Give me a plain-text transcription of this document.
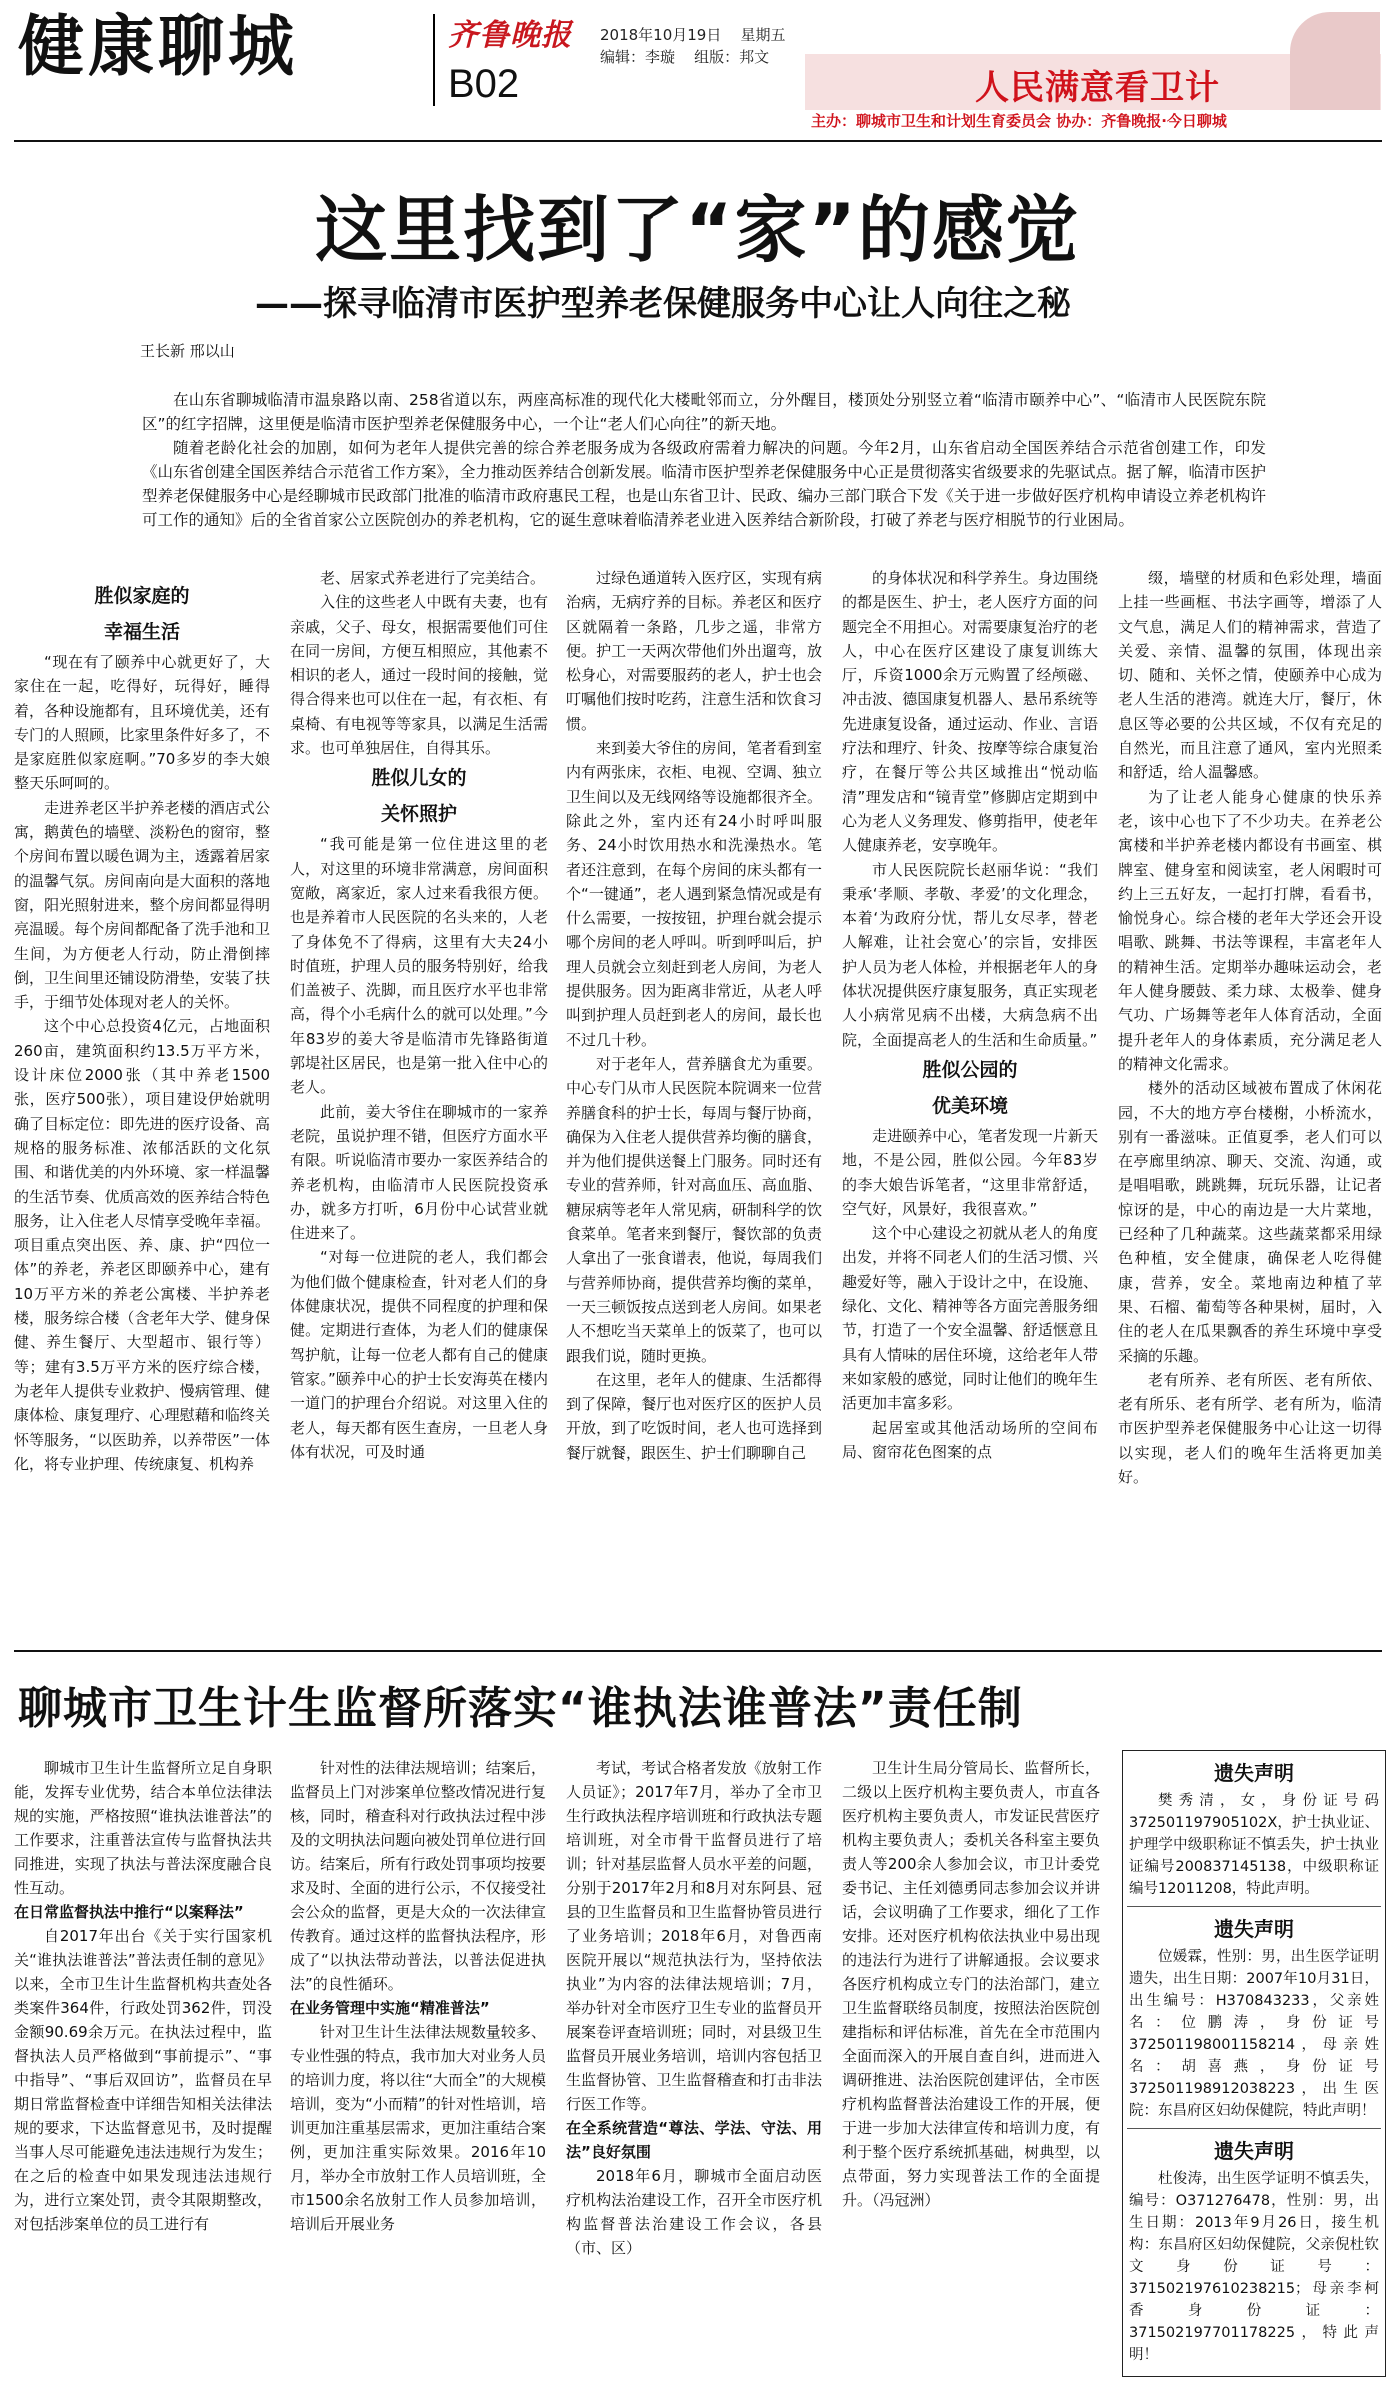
健康聊城	齐鲁晚报
B02
2018年10月19日 星期五
编辑：李璇 组版：邦文
人民满意看卫计
主办：聊城市卫生和计划生育委员会 协办：齐鲁晚报·今日聊城
这里找到了“家”的感觉
——探寻临清市医护型养老保健服务中心让人向往之秘
王长新 邢以山

在山东省聊城临清市温泉路以南、258省道以东，两座高标准的现代化大楼毗邻而立，分外醒目，楼顶处分别竖立着“临清市颐养中心”、“临清市人民医院东院区”的红字招牌，这里便是临清市医护型养老保健服务中心，一个让“老人们心向往”的新天地。

随着老龄化社会的加剧，如何为老年人提供完善的综合养老服务成为各级政府需着力解决的问题。今年2月，山东省启动全国医养结合示范省创建工作，印发《山东省创建全国医养结合示范省工作方案》，全力推动医养结合创新发展。临清市医护型养老保健服务中心正是贯彻落实省级要求的先驱试点。据了解，临清市医护型养老保健服务中心是经聊城市民政部门批准的临清市政府惠民工程，也是山东省卫计、民政、编办三部门联合下发《关于进一步做好医疗机构申请设立养老机构许可工作的通知》后的全省首家公立医院创办的养老机构，它的诞生意味着临清养老业进入医养结合新阶段，打破了养老与医疗相脱节的行业困局。

胜似家庭的
幸福生活

“现在有了颐养中心就更好了，大家住在一起，吃得好，玩得好，睡得着，各种设施都有，且环境优美，还有专门的人照顾，比家里条件好多了，不是家庭胜似家庭啊。”70多岁的李大娘整天乐呵呵的。

走进养老区半护养老楼的酒店式公寓，鹅黄色的墙壁、淡粉色的窗帘，整个房间布置以暖色调为主，透露着居家的温馨气氛。房间南向是大面积的落地窗，阳光照射进来，整个房间都显得明亮温暖。每个房间都配备了洗手池和卫生间，为方便老人行动，防止滑倒摔倒，卫生间里还铺设防滑垫，安装了扶手，于细节处体现对老人的关怀。

这个中心总投资4亿元，占地面积260亩，建筑面积约13.5万平方米，设计床位2000张（其中养老1500张，医疗500张），项目建设伊始就明确了目标定位：即先进的医疗设备、高规格的服务标准、浓郁活跃的文化氛围、和谐优美的内外环境、家一样温馨的生活节奏、优质高效的医养结合特色服务，让入住老人尽情享受晚年幸福。项目重点突出医、养、康、护“四位一体”的养老，养老区即颐养中心，建有10万平方米的养老公寓楼、半护养老楼，服务综合楼（含老年大学、健身保健、养生餐厅、大型超市、银行等）等；建有3.5万平方米的医疗综合楼，为老年人提供专业救护、慢病管理、健康体检、康复理疗、心理慰藉和临终关怀等服务，“以医助养，以养带医”一体化，将专业护理、传统康复、机构养

老、居家式养老进行了完美结合。

入住的这些老人中既有夫妻，也有亲戚，父子、母女，根据需要他们可住在同一房间，方便互相照应，其他素不相识的老人，通过一段时间的接触，觉得合得来也可以住在一起，有衣柜、有桌椅、有电视等等家具，以满足生活需求。也可单独居住，自得其乐。

胜似儿女的
关怀照护

“我可能是第一位住进这里的老人，对这里的环境非常满意，房间面积宽敞，离家近，家人过来看我很方便。也是养着市人民医院的名头来的，人老了身体免不了得病，这里有大夫24小时值班，护理人员的服务特别好，给我们盖被子、洗脚，而且医疗水平也非常高，得个小毛病什么的就可以处理。”今年83岁的姜大爷是临清市先锋路街道郭堤社区居民，也是第一批入住中心的老人。

此前，姜大爷住在聊城市的一家养老院，虽说护理不错，但医疗方面水平有限。听说临清市要办一家医养结合的养老机构，由临清市人民医院投资承办，就多方打听，6月份中心试营业就住进来了。

“对每一位进院的老人，我们都会为他们做个健康检查，针对老人们的身体健康状况，提供不同程度的护理和保健。定期进行查体，为老人们的健康保驾护航，让每一位老人都有自己的健康管家。”颐养中心的护士长安海英在楼内一道门的护理台介绍说。对这里入住的老人，每天都有医生查房，一旦老人身体有状况，可及时通

过绿色通道转入医疗区，实现有病治病，无病疗养的目标。养老区和医疗区就隔着一条路，几步之遥，非常方便。护工一天两次带他们外出遛弯，放松身心，对需要服药的老人，护士也会叮嘱他们按时吃药，注意生活和饮食习惯。

来到姜大爷住的房间，笔者看到室内有两张床，衣柜、电视、空调、独立卫生间以及无线网络等设施都很齐全。除此之外，室内还有24小时呼叫服务、24小时饮用热水和洗澡热水。笔者还注意到，在每个房间的床头都有一个“一键通”，老人遇到紧急情况或是有什么需要，一按按钮，护理台就会提示哪个房间的老人呼叫。听到呼叫后，护理人员就会立刻赶到老人房间，为老人提供服务。因为距离非常近，从老人呼叫到护理人员赶到老人的房间，最长也不过几十秒。

对于老年人，营养膳食尤为重要。中心专门从市人民医院本院调来一位营养膳食科的护士长，每周与餐厅协商，确保为入住老人提供营养均衡的膳食，并为他们提供送餐上门服务。同时还有专业的营养师，针对高血压、高血脂、糖尿病等老年人常见病，研制科学的饮食菜单。笔者来到餐厅，餐饮部的负责人拿出了一张食谱表，他说，每周我们与营养师协商，提供营养均衡的菜单，一天三顿饭按点送到老人房间。如果老人不想吃当天菜单上的饭菜了，也可以跟我们说，随时更换。

在这里，老年人的健康、生活都得到了保障，餐厅也对医疗区的医护人员开放，到了吃饭时间，老人也可选择到餐厅就餐，跟医生、护士们聊聊自己

的身体状况和科学养生。身边围绕的都是医生、护士，老人医疗方面的问题完全不用担心。对需要康复治疗的老人，中心在医疗区建设了康复训练大厅，斥资1000余万元购置了经颅磁、冲击波、德国康复机器人、悬吊系统等先进康复设备，通过运动、作业、言语疗法和理疗、针灸、按摩等综合康复治疗，在餐厅等公共区域推出“悦动临清”理发店和“镜青堂”修脚店定期到中心为老人义务理发、修剪指甲，使老年人健康养老，安享晚年。

市人民医院院长赵丽华说：“我们秉承‘孝顺、孝敬、孝爱’的文化理念，本着‘为政府分忧，帮儿女尽孝，替老人解难，让社会宽心’的宗旨，安排医护人员为老人体检，并根据老年人的身体状况提供医疗康复服务，真正实现老人小病常见病不出楼，大病急病不出院，全面提高老人的生活和生命质量。”

胜似公园的
优美环境

走进颐养中心，笔者发现一片新天地，不是公园，胜似公园。今年83岁的李大娘告诉笔者，“这里非常舒适，空气好，风景好，我很喜欢。”

这个中心建设之初就从老人的角度出发，并将不同老人们的生活习惯、兴趣爱好等，融入于设计之中，在设施、绿化、文化、精神等各方面完善服务细节，打造了一个安全温馨、舒适惬意且具有人情味的居住环境，这给老年人带来如家般的感觉，同时让他们的晚年生活更加丰富多彩。

起居室或其他活动场所的空间布局、窗帘花色图案的点

缀，墙壁的材质和色彩处理，墙面上挂一些画框、书法字画等，增添了人文气息，满足人们的精神需求，营造了关爱、亲情、温馨的氛围，体现出亲切、随和、关怀之情，使颐养中心成为老人生活的港湾。就连大厅，餐厅，休息区等必要的公共区域，不仅有充足的自然光，而且注意了通风，室内光照柔和舒适，给人温馨感。

为了让老人能身心健康的快乐养老，该中心也下了不少功夫。在养老公寓楼和半护养老楼内都设有书画室、棋牌室、健身室和阅读室，老人闲暇时可约上三五好友，一起打打牌，看看书，愉悦身心。综合楼的老年大学还会开设唱歌、跳舞、书法等课程，丰富老年人的精神生活。定期举办趣味运动会，老年人健身腰鼓、柔力球、太极拳、健身气功、广场舞等老年人体育活动，全面提升老年人的身体素质，充分满足老人的精神文化需求。

楼外的活动区域被布置成了休闲花园，不大的地方亭台楼榭，小桥流水，别有一番滋味。正值夏季，老人们可以在亭廊里纳凉、聊天、交流、沟通，或是唱唱歌，跳跳舞，玩玩乐器，让记者惊讶的是，中心的南边是一大片菜地，已经种了几种蔬菜。这些蔬菜都采用绿色种植，安全健康，确保老人吃得健康，营养，安全。菜地南边种植了苹果、石榴、葡萄等各种果树，届时，入住的老人在瓜果飘香的养生环境中享受采摘的乐趣。

老有所养、老有所医、老有所依、老有所乐、老有所学、老有所为，临清市医护型养老保健服务中心让这一切得以实现，老人们的晚年生活将更加美好。

聊城市卫生计生监督所落实“谁执法谁普法”责任制

聊城市卫生计生监督所立足自身职能，发挥专业优势，结合本单位法律法规的实施，严格按照“谁执法谁普法”的工作要求，注重普法宣传与监督执法共同推进，实现了执法与普法深度融合良性互动。

在日常监督执法中推行“以案释法”

自2017年出台《关于实行国家机关“谁执法谁普法”普法责任制的意见》以来，全市卫生计生监督机构共查处各类案件364件，行政处罚362件，罚没金额90.69余万元。在执法过程中，监督执法人员严格做到“事前提示”、“事中指导”、“事后双回访”，监督员在早期日常监督检查中详细告知相关法律法规的要求，下达监督意见书，及时提醒当事人尽可能避免违法违规行为发生；在之后的检查中如果发现违法违规行为，进行立案处罚，责令其限期整改，对包括涉案单位的员工进行有

针对性的法律法规培训；结案后，监督员上门对涉案单位整改情况进行复核，同时，稽查科对行政执法过程中涉及的文明执法问题向被处罚单位进行回访。结案后，所有行政处罚事项均按要求及时、全面的进行公示，不仅接受社会公众的监督，更是大众的一次法律宣传教育。通过这样的监督执法程序，形成了“以执法带动普法，以普法促进执法”的良性循环。

在业务管理中实施“精准普法”

针对卫生计生法律法规数量较多、专业性强的特点，我市加大对业务人员的培训力度，将以往“大而全”的大规模培训，变为“小而精”的针对性培训，培训更加注重基层需求，更加注重结合案例，更加注重实际效果。2016年10月，举办全市放射工作人员培训班，全市1500余名放射工作人员参加培训，培训后开展业务

考试，考试合格者发放《放射工作人员证》；2017年7月，举办了全市卫生行政执法程序培训班和行政执法专题培训班，对全市骨干监督员进行了培训；针对基层监督人员水平差的问题，分别于2017年2月和8月对东阿县、冠县的卫生监督员和卫生监督协管员进行了业务培训；2018年6月，对鲁西南医院开展以“规范执法行为，坚持依法执业”为内容的法律法规培训；7月，举办针对全市医疗卫生专业的监督员开展案卷评查培训班；同时，对县级卫生监督员开展业务培训，培训内容包括卫生监督协管、卫生监督稽查和打击非法行医工作等。

在全系统营造“尊法、学法、守法、用法”良好氛围

2018年6月，聊城市全面启动医疗机构法治建设工作，召开全市医疗机构监督普法治建设工作会议，各县（市、区）

卫生计生局分管局长、监督所长，二级以上医疗机构主要负责人，市直各医疗机构主要负责人，市发证民营医疗机构主要负责人；委机关各科室主要负责人等200余人参加会议，市卫计委党委书记、主任刘德勇同志参加会议并讲话，会议明确了工作要求，细化了工作安排。还对医疗机构依法执业中易出现的违法行为进行了讲解通报。会议要求各医疗机构成立专门的法治部门，建立卫生监督联络员制度，按照法治医院创建指标和评估标准，首先在全市范围内全面而深入的开展自查自纠，进而进入调研推进、法治医院创建评估，全市医疗机构监督普法治建设工作的开展，便于进一步加大法律宣传和培训力度，有利于整个医疗系统抓基础，树典型，以点带面，努力实现普法工作的全面提升。（冯冠洲）

遗失声明
樊秀清，女，身份证号码372501197905102X，护士执业证、护理学中级职称证不慎丢失，护士执业证编号200837145138，中级职称证编号12011208，特此声明。
遗失声明
位媛霖，性别：男，出生医学证明遗失，出生日期：2007年10月31日，出生编号：H370843233，父亲姓名：位鹏涛，身份证号372501198001158214，母亲姓名：胡喜燕，身份证号372501198912038223，出生医院：东昌府区妇幼保健院，特此声明！
遗失声明
杜俊涛，出生医学证明不慎丢失，编号：O371276478，性别：男，出生日期：2013年9月26日，接生机构：东昌府区妇幼保健院，父亲倪杜钦文身份证号：371502197610238215；母亲李柯香身份证：371502197701178225，特此声明！
